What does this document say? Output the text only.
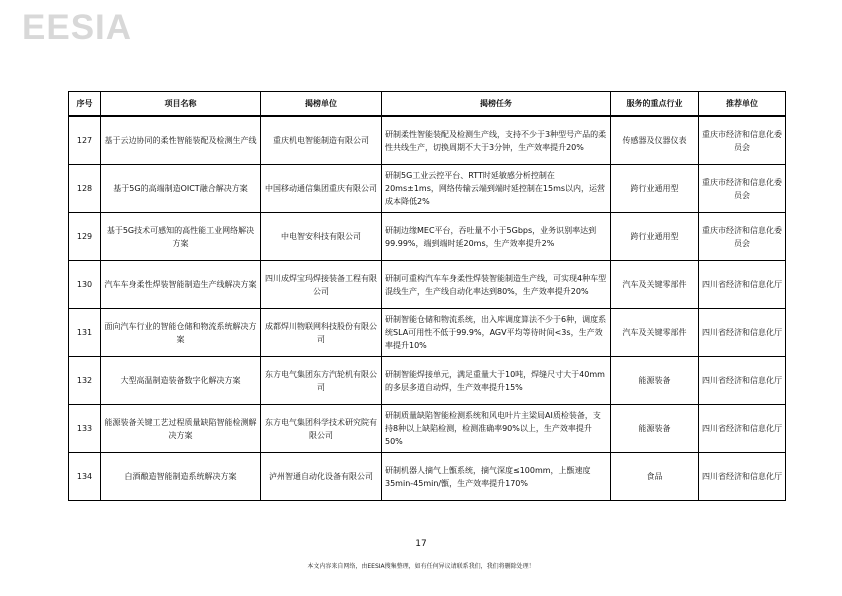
EESIA
序号	项目名称	揭榜单位	揭榜任务	服务的重点行业	推荐单位
127	基于云边协同的柔性智能装配及检测生产线	重庆机电智能制造有限公司	研制柔性智能装配及检测生产线，支持不少于3种型号产品的柔性共线生产，切换周期不大于3分钟，生产效率提升20%	传感器及仪器仪表	重庆市经济和信息化委员会
128	基于5G的高端制造OICT融合解决方案	中国移动通信集团重庆有限公司	研制5G工业云控平台、RTT时延敏感分析控制在20ms±1ms，网络传输云端到端时延控制在15ms以内，运营成本降低2%	跨行业通用型	重庆市经济和信息化委员会
129	基于5G技术可感知的高性能工业网络解决方案	中电智安科技有限公司	研制边缘MEC平台，吞吐量不小于5Gbps，业务识别率达到99.99%，端到端时延20ms，生产效率提升2%	跨行业通用型	重庆市经济和信息化委员会
130	汽车车身柔性焊装智能制造生产线解决方案	四川成焊宝玛焊接装备工程有限公司	研制可重构汽车车身柔性焊装智能制造生产线，可实现4种车型混线生产，生产线自动化率达到80%，生产效率提升20%	汽车及关键零部件	四川省经济和信息化厅
131	面向汽车行业的智能仓储和物流系统解决方案	成都焊川物联网科技股份有限公司	研制智能仓储和物流系统，出入库调度算法不少于6种，调度系统SLA可用性不低于99.9%，AGV平均等待时间<3s，生产效率提升10%	汽车及关键零部件	四川省经济和信息化厅
132	大型高温制造装备数字化解决方案	东方电气集团东方汽轮机有限公司	研制智能焊接单元，满足重量大于10吨，焊缝尺寸大于40mm的多层多道自动焊，生产效率提升15%	能源装备	四川省经济和信息化厅
133	能源装备关键工艺过程质量缺陷智能检测解决方案	东方电气集团科学技术研究院有限公司	研制质量缺陷智能检测系统和风电叶片主梁局AI质检装备，支持8种以上缺陷检测，检测准确率90%以上，生产效率提升50%	能源装备	四川省经济和信息化厅
134	白酒酿造智能制造系统解决方案	泸州智通自动化设备有限公司	研制机器人摘气上甑系统，摘气深度≤100mm，上甑速度35min-45min/甑，生产效率提升170%	食品	四川省经济和信息化厅
17
本文内容来自网络，由EESIA搜集整理，如有任何异议请联系我们，我们将删除处理！
